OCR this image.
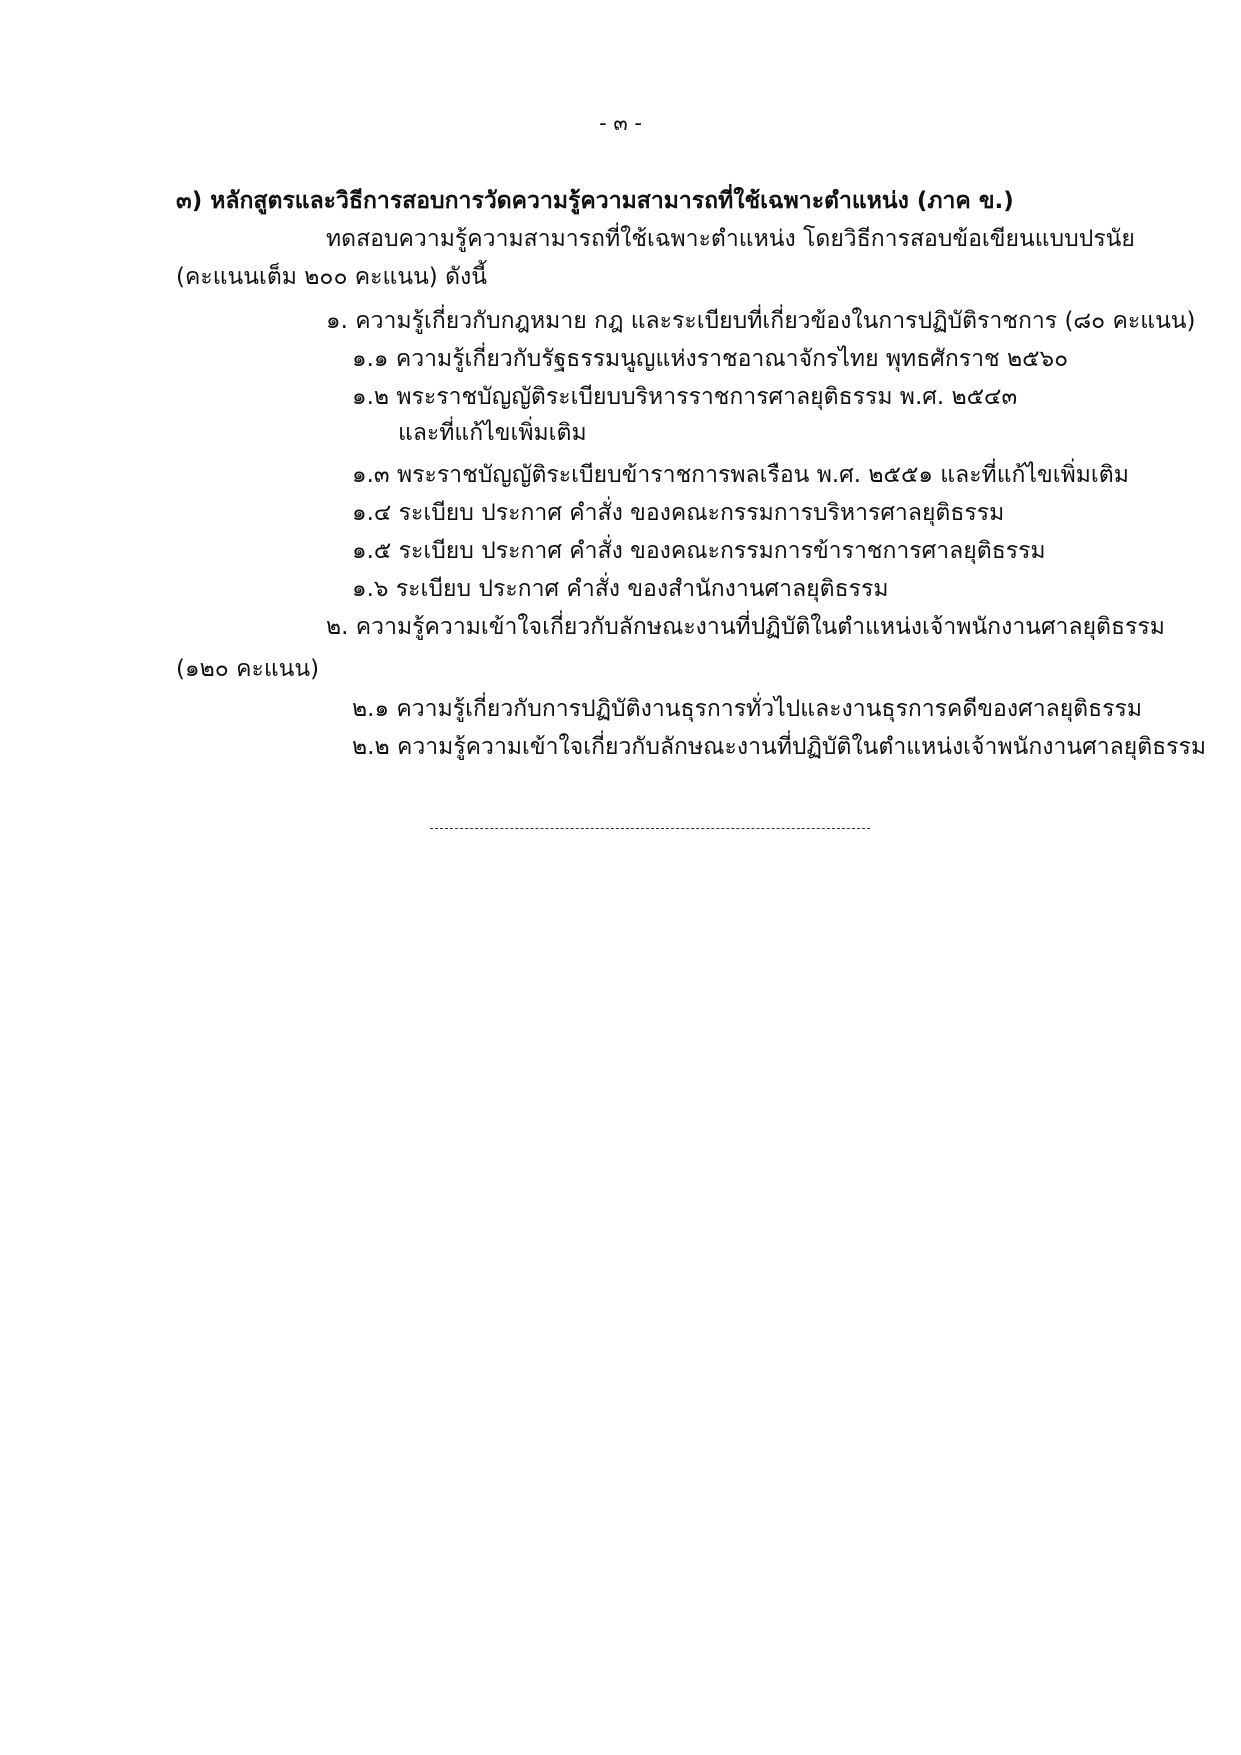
- ๓ -
๓) หลักสูตรและวิธีการสอบการวัดความรู้ความสามารถที่ใช้เฉพาะตำแหน่ง (ภาค ข.)
ทดสอบความรู้ความสามารถที่ใช้เฉพาะตำแหน่ง โดยวิธีการสอบข้อเขียนแบบปรนัย
(คะแนนเต็ม ๒๐๐ คะแนน) ดังนี้
๑. ความรู้เกี่ยวกับกฎหมาย กฎ และระเบียบที่เกี่ยวข้องในการปฏิบัติราชการ (๘๐ คะแนน)
๑.๑ ความรู้เกี่ยวกับรัฐธรรมนูญแห่งราชอาณาจักรไทย พุทธศักราช ๒๕๖๐
๑.๒ พระราชบัญญัติระเบียบบริหารราชการศาลยุติธรรม พ.ศ. ๒๕๔๓
และที่แก้ไขเพิ่มเติม
๑.๓ พระราชบัญญัติระเบียบข้าราชการพลเรือน พ.ศ. ๒๕๕๑ และที่แก้ไขเพิ่มเติม
๑.๔ ระเบียบ ประกาศ คำสั่ง ของคณะกรรมการบริหารศาลยุติธรรม
๑.๕ ระเบียบ ประกาศ คำสั่ง ของคณะกรรมการข้าราชการศาลยุติธรรม
๑.๖ ระเบียบ ประกาศ คำสั่ง ของสำนักงานศาลยุติธรรม
๒. ความรู้ความเข้าใจเกี่ยวกับลักษณะงานที่ปฏิบัติในตำแหน่งเจ้าพนักงานศาลยุติธรรม
(๑๒๐ คะแนน)
๒.๑ ความรู้เกี่ยวกับการปฏิบัติงานธุรการทั่วไปและงานธุรการคดีของศาลยุติธรรม
๒.๒ ความรู้ความเข้าใจเกี่ยวกับลักษณะงานที่ปฏิบัติในตำแหน่งเจ้าพนักงานศาลยุติธรรม
